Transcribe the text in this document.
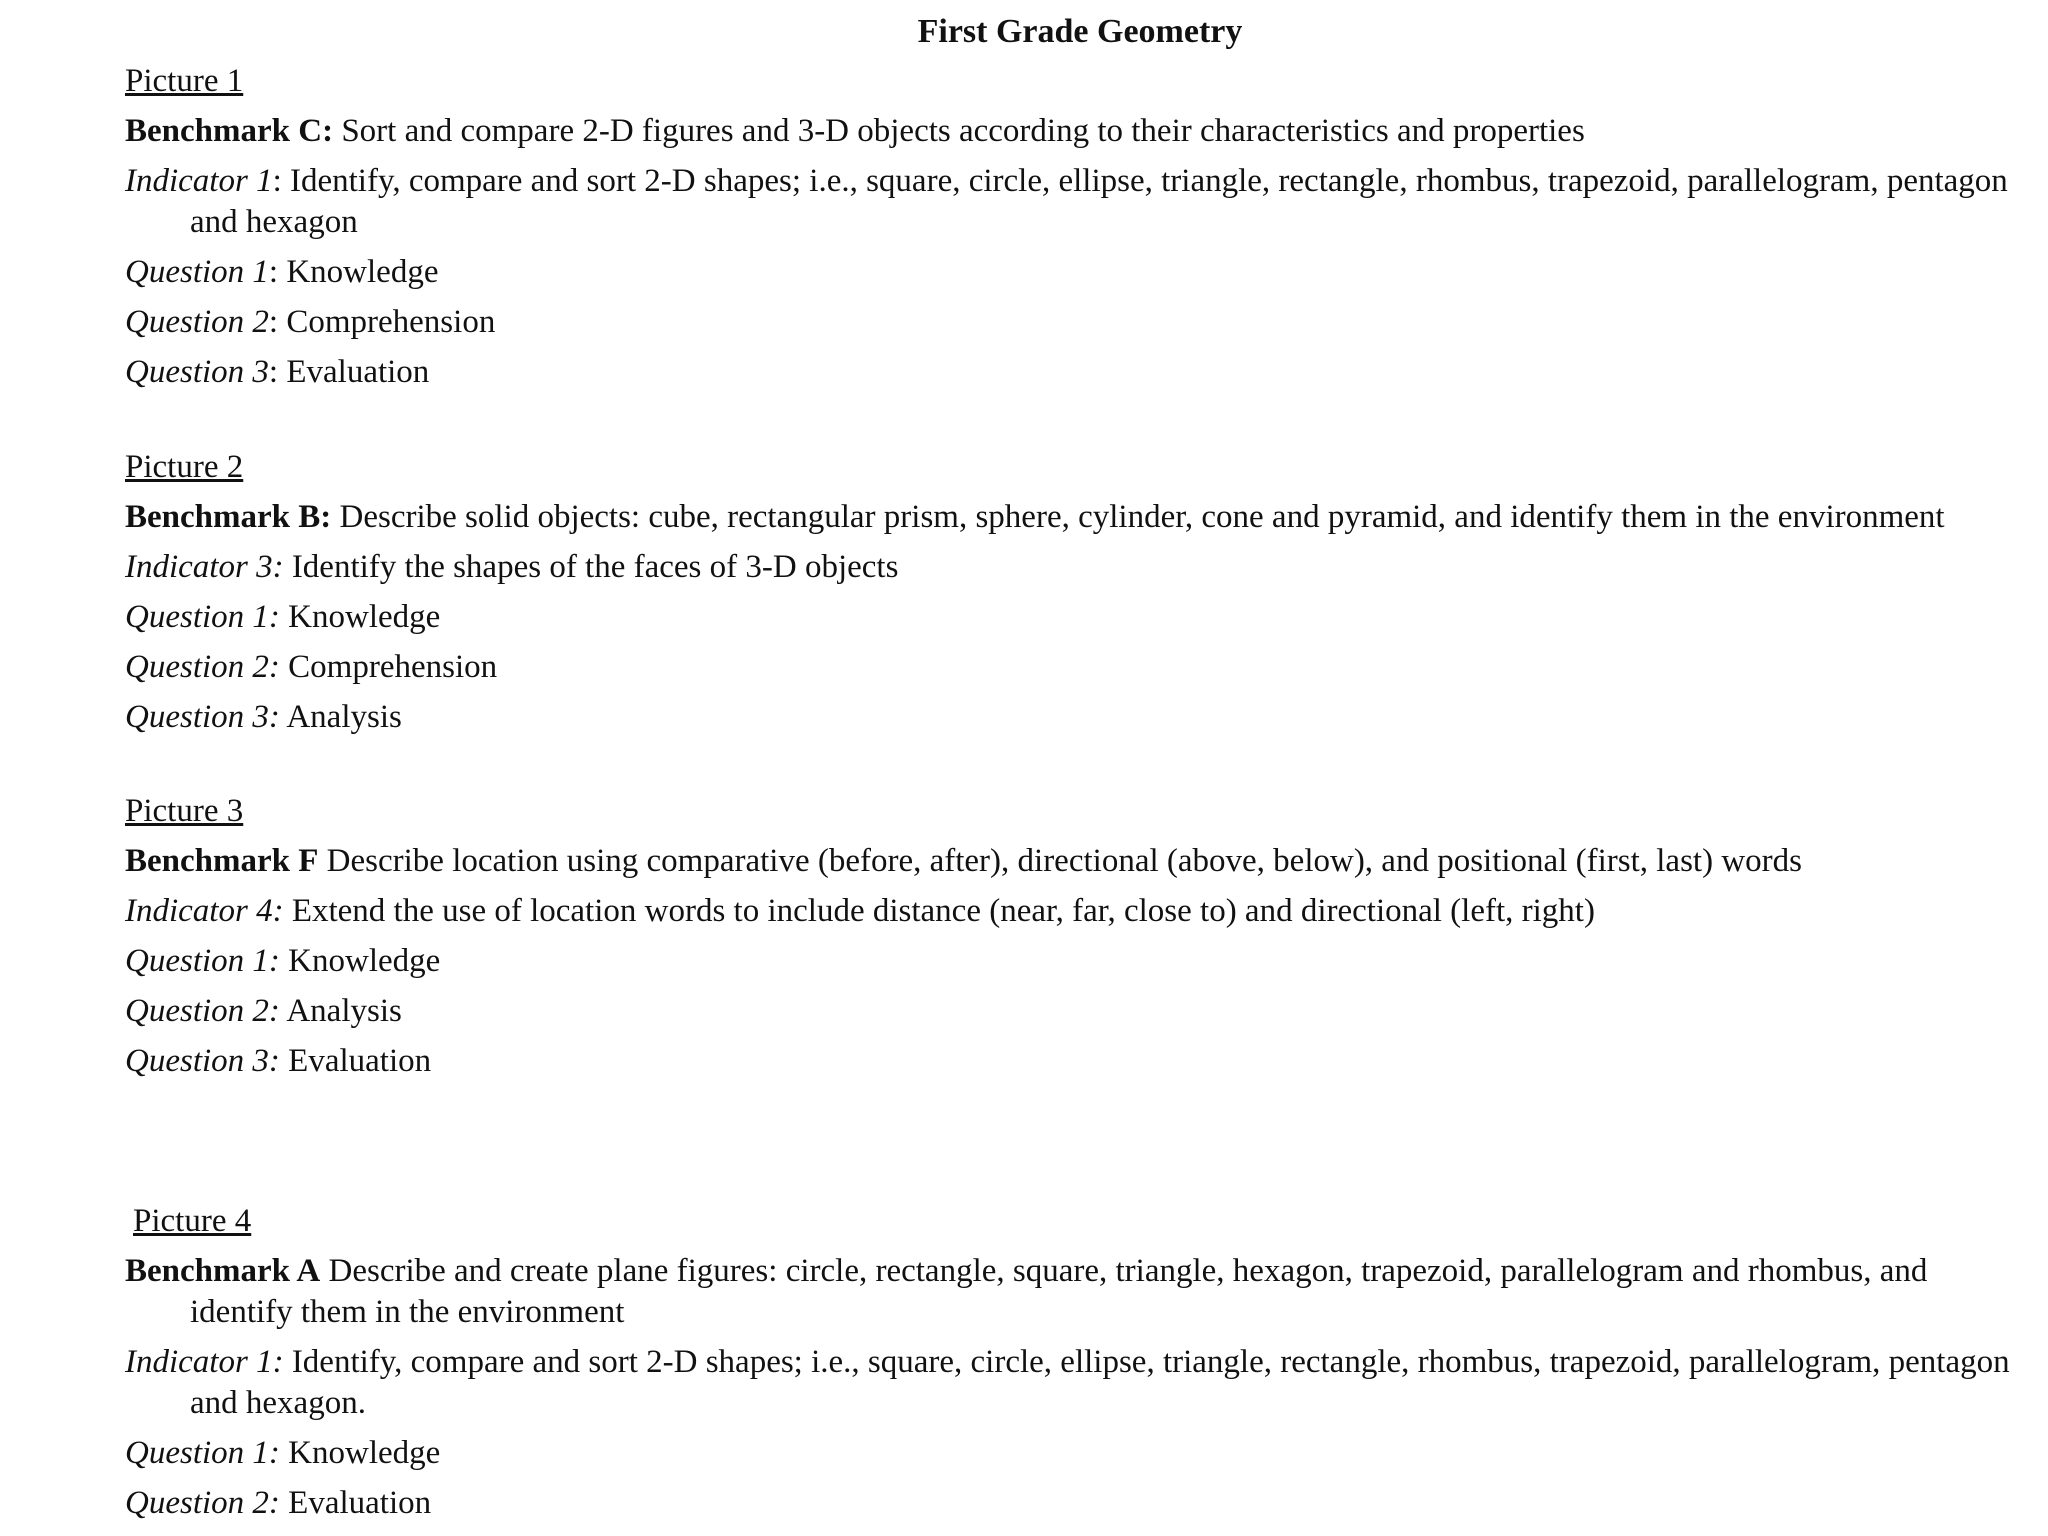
First Grade Geometry
Picture 1
Benchmark C: Sort and compare 2-D figures and 3-D objects according to their characteristics and properties
Indicator 1: Identify, compare and sort 2-D shapes; i.e., square, circle, ellipse, triangle, rectangle, rhombus, trapezoid, parallelogram, pentagon and hexagon
Question 1: Knowledge
Question 2: Comprehension
Question 3: Evaluation
Picture 2
Benchmark B: Describe solid objects: cube, rectangular prism, sphere, cylinder, cone and pyramid, and identify them in the environment
Indicator 3: Identify the shapes of the faces of 3-D objects
Question 1: Knowledge
Question 2: Comprehension
Question 3: Analysis
Picture 3
Benchmark F Describe location using comparative (before, after), directional (above, below), and positional (first, last) words
Indicator 4: Extend the use of location words to include distance (near, far, close to) and directional (left, right)
Question 1: Knowledge
Question 2: Analysis
Question 3: Evaluation
Picture 4
Benchmark A Describe and create plane figures: circle, rectangle, square, triangle, hexagon, trapezoid, parallelogram and rhombus, and identify them in the environment
Indicator 1: Identify, compare and sort 2-D shapes; i.e., square, circle, ellipse, triangle, rectangle, rhombus, trapezoid, parallelogram, pentagon and hexagon.
Question 1: Knowledge
Question 2: Evaluation
